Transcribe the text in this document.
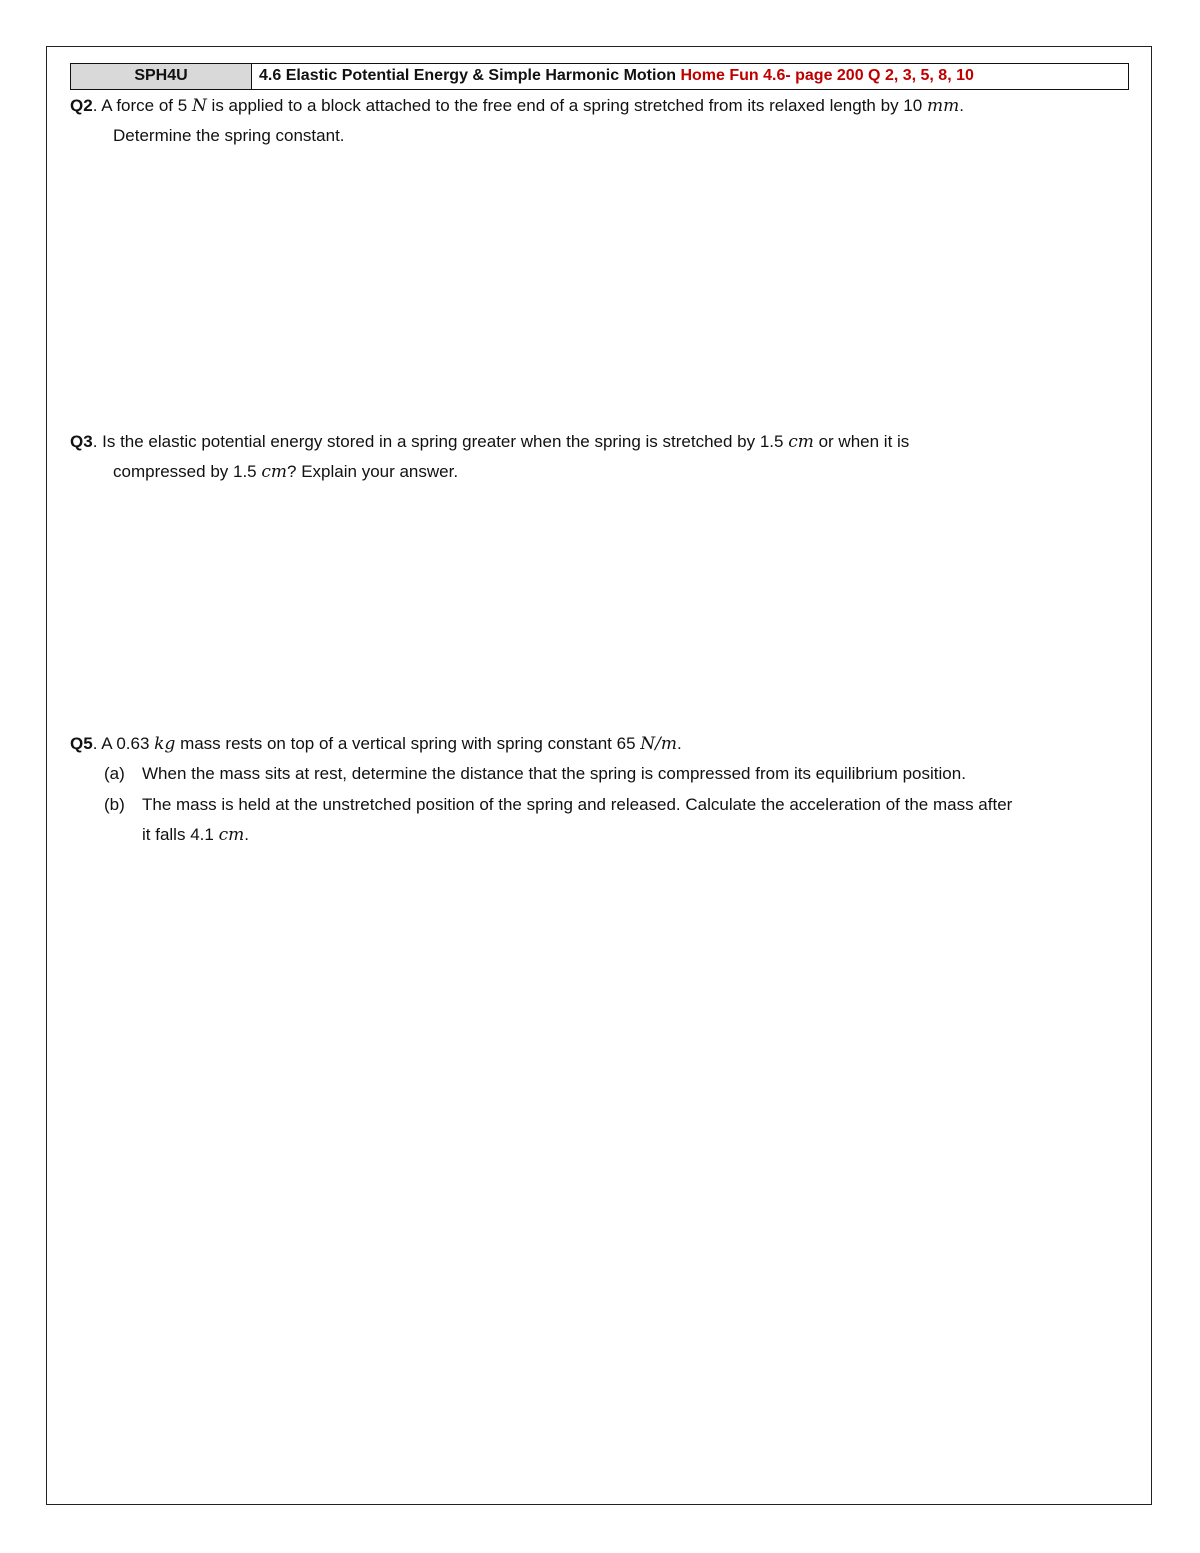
SPH4U	4.6 Elastic Potential Energy & Simple Harmonic Motion Home Fun 4.6- page 200 Q 2, 3, 5, 8, 10
Q2. A force of 5 N is applied to a block attached to the free end of a spring stretched from its relaxed length by 10 mm.
Determine the spring constant.
Q3. Is the elastic potential energy stored in a spring greater when the spring is stretched by 1.5 cm or when it is
compressed by 1.5 cm? Explain your answer.
Q5. A 0.63 kg mass rests on top of a vertical spring with spring constant 65 N/m.
(a) When the mass sits at rest, determine the distance that the spring is compressed from its equilibrium position.
(b) The mass is held at the unstretched position of the spring and released. Calculate the acceleration of the mass after
it falls 4.1 cm.
